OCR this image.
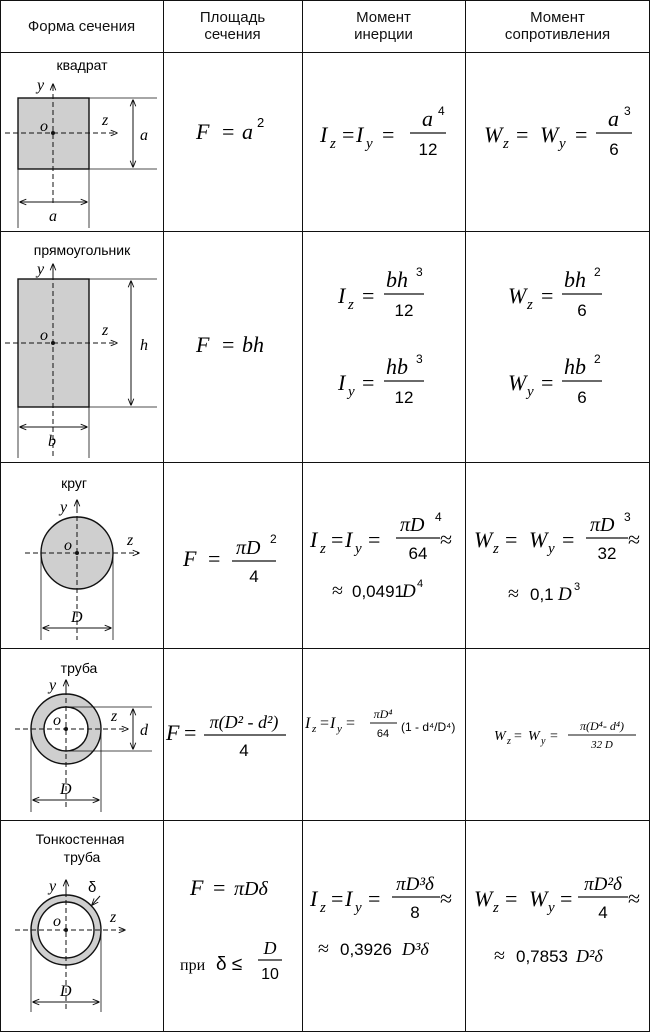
Форма сечения	Площадь
сечения
Момент
инерции
Момент
сопротивления
квадрат
y
z
o
a
a
F = a 2	I z = I y =
a 4
12
W z = W y =
a 3
6
прямоугольник
y
z
o
h
b
F = bh
I z =
bh 3
12
I y =
hb 3
12
W z =
bh 2
6
W y =
hb 2
6
круг
y
z
o
D
F = πD 2
4
I z = I y =
πD 4
64
≈
≈ 0,0491
D 4
W z = W y =
πD 3
32
≈
≈ 0,1 D 3
труба
y
z
o
d
D
F = π(D² - d²)
4
I z = I y =
πD⁴
64 (1 - d⁴/D⁴)
W z = W y =
π(D⁴- d⁴)
32 D
Тонкостенная труба
y
z
o
δ
D
F = πDδ
при δ ≤
D
10
I z = I y =
πD³δ
8
≈
≈ 0,3926 D³δ
W z = W y =
πD²δ
4
≈
≈ 0,7853 D²δ
